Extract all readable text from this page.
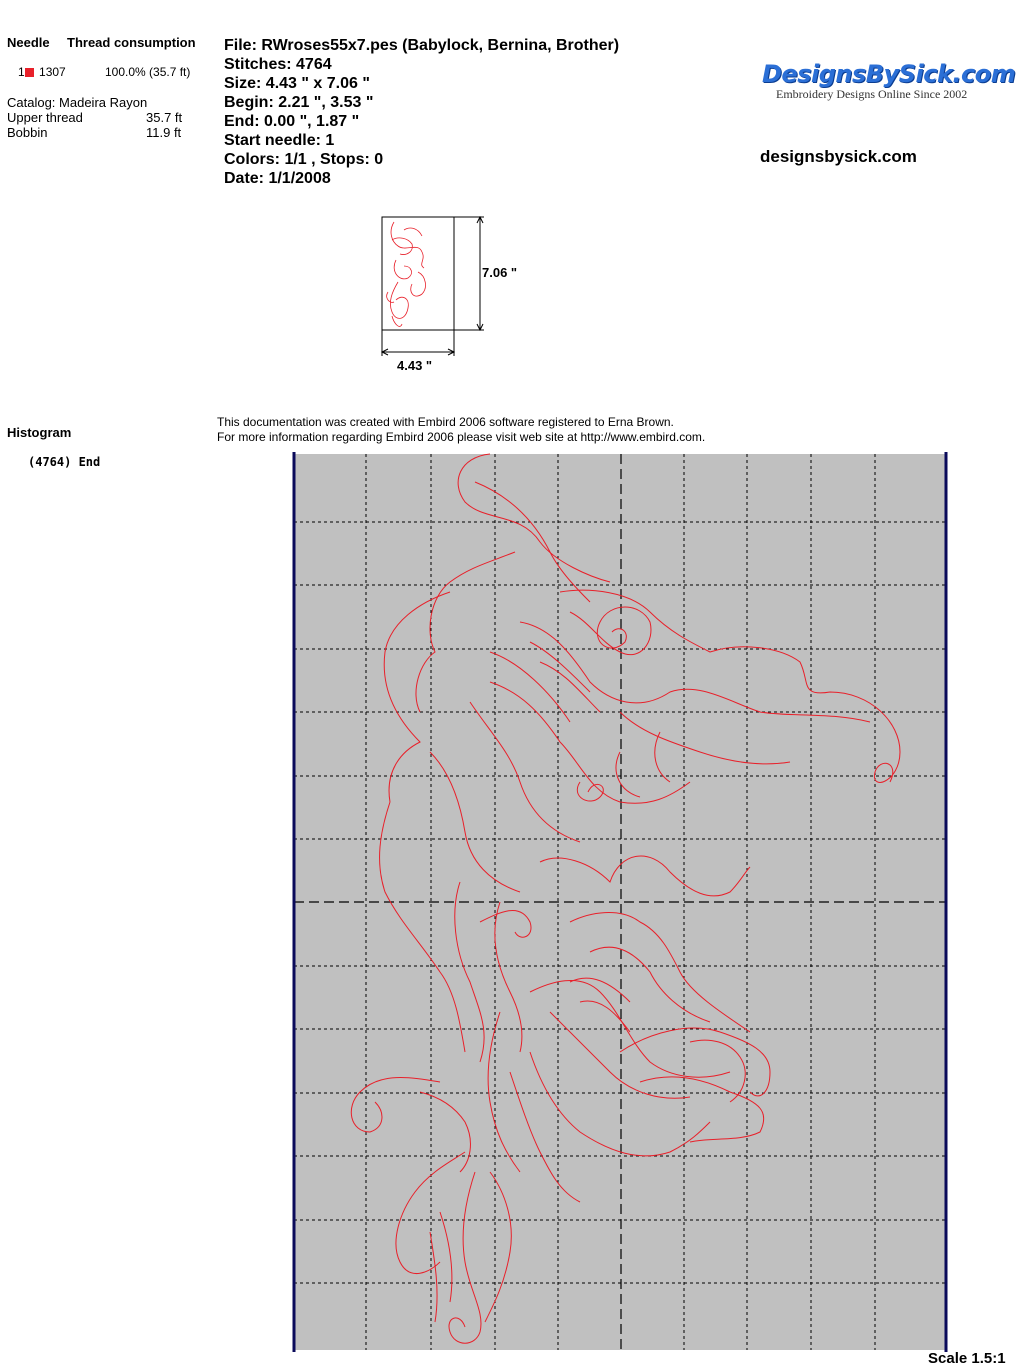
Needle Thread consumption
1 1307	100.0% (35.7 ft)
Catalog: Madeira Rayon
Upper thread	35.7 ft
Bobbin	11.9 ft
File: RWroses55x7.pes (Babylock, Bernina, Brother)
Stitches: 4764
Size: 4.43 " x 7.06 "
Begin: 2.21 ", 3.53 "
End: 0.00 ", 1.87 "
Start needle: 1
Colors: 1/1 , Stops: 0
Date: 1/1/2008
DesignsBySick.com
Embroidery Designs Online Since 2002
designsbysick.com
7.06 "
4.43 "
Histogram
(4764) End
This documentation was created with Embird 2006 software registered to Erna Brown.
For more information regarding Embird 2006 please visit web site at http://www.embird.com.
Scale 1.5:1
